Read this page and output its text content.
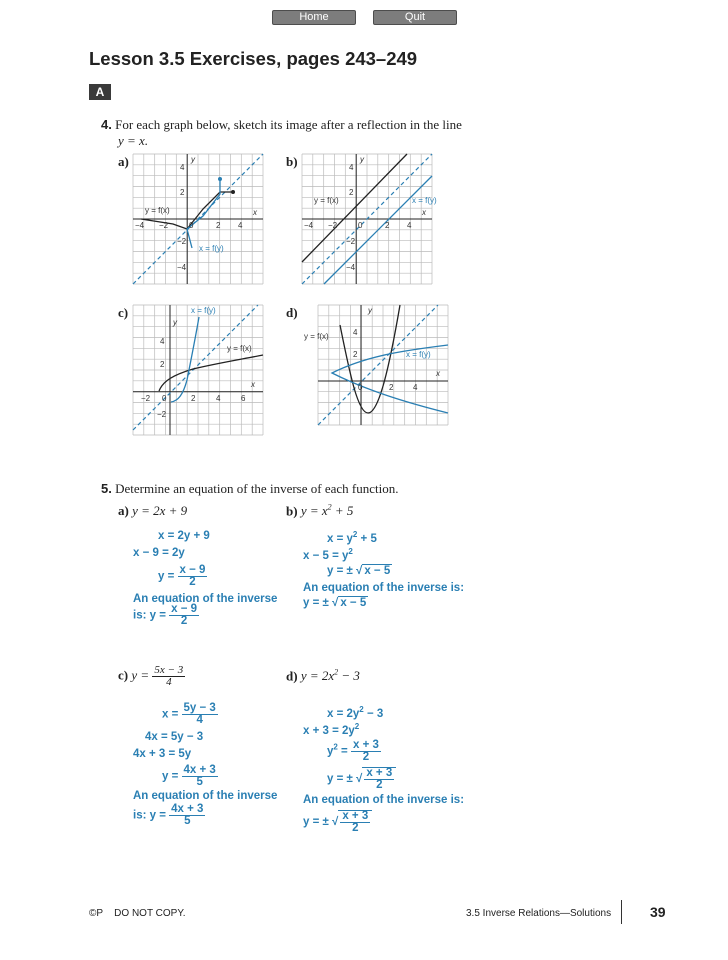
Home	Quit
Lesson 3.5 Exercises, pages 243–249
A
4. For each graph below, sketch its image after a reflection in the line
y = x.
a)	b)
c)	d)
−4 −2	0	2 4
4
2
−2
−4
x
y
y = f(x)
x = f(y)
−4 −2	0	2 4
4
2
−2
−4
x
y
y = f(x)	x = f(y)
−2 0	2	4	6
4
2
−2
x
y
y = f(x)
x = f(y)
0	2 4
4
2
x
y
y = f(x)
x = f(y)
5. Determine an equation of the inverse of each function.
a) y = 2x + 9
x = 2y + 9
x − 9 = 2y
$y = \frac{x - 9}{2}$
An equation of the inverse
is: $y = \frac{x - 9}{2}$
b) $y = x^2 + 5$
$x = y^2 + 5$
$x - 5 = y^2$
y = ± √ x − 5
An equation of the inverse is:
y = ± √ x − 5
c) $y = \frac{5x - 3}{4}$
$x = \frac{5y - 3}{4}$
4x = 5y − 3
4x + 3 = 5y
$y = \frac{4x + 3}{5}$
An equation of the inverse
is: $y = \frac{4x + 3}{5}$
d) $y = 2x^2 - 3$
$x = 2y^2 - 3$
$x + 3 = 2y^2$
$y^2 = \frac{x + 3}{2}$
y = ± √ $\frac{x + 3}{2}$
An equation of the inverse is:
y = ± √ $\frac{x + 3}{2}$
©P DO NOT COPY.	3.5 Inverse Relations—Solutions	39
